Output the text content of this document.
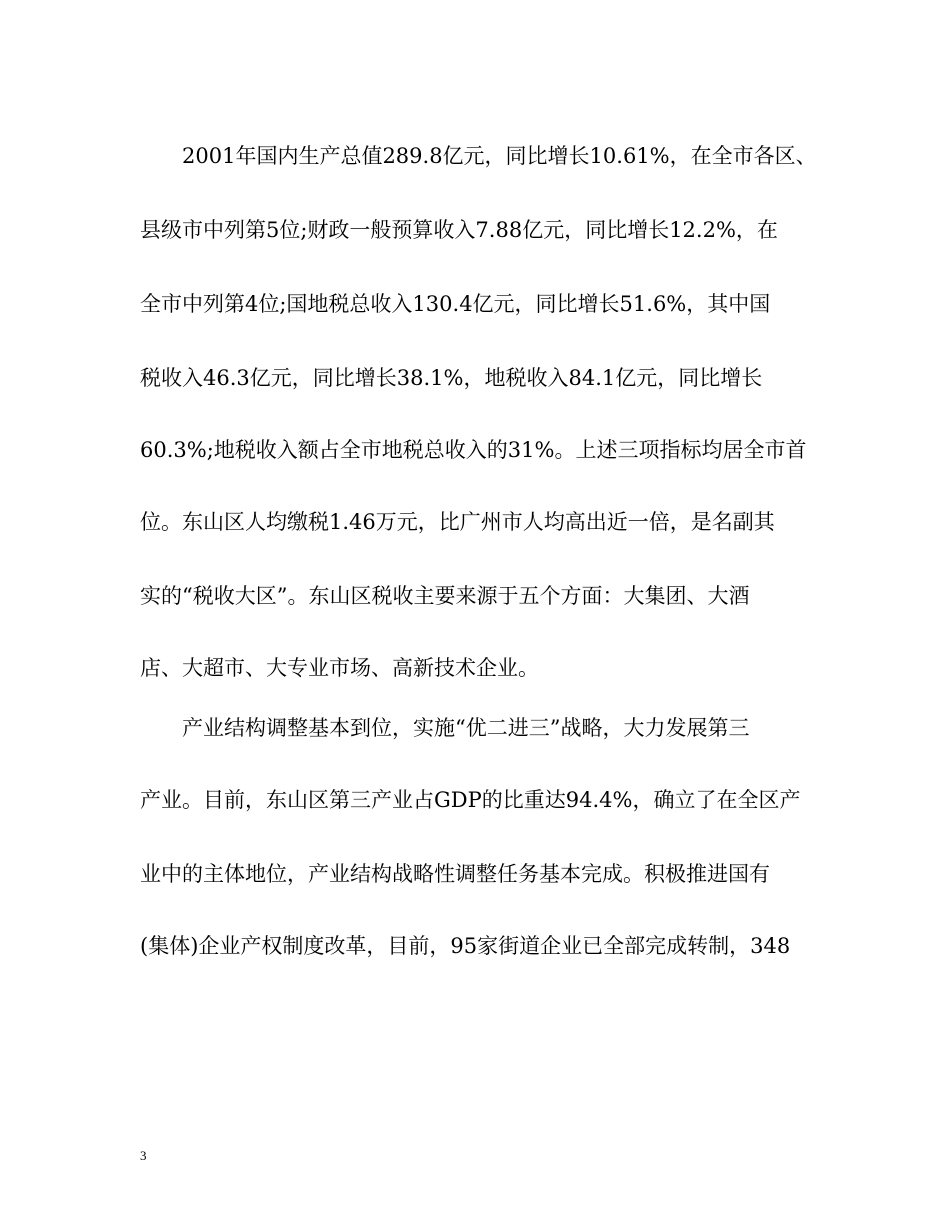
2001年国内生产总值289.8亿元，同比增长10.61%，在全市各区、
县级市中列第5位;财政一般预算收入7.88亿元，同比增长12.2%，在
全市中列第4位;国地税总收入130.4亿元，同比增长51.6%，其中国
税收入46.3亿元，同比增长38.1%，地税收入84.1亿元，同比增长
60.3%;地税收入额占全市地税总收入的31%。上述三项指标均居全市首
位。东山区人均缴税1.46万元，比广州市人均高出近一倍，是名副其
实的“税收大区”。东山区税收主要来源于五个方面：大集团、大酒
店、大超市、大专业市场、高新技术企业。
产业结构调整基本到位，实施“优二进三”战略，大力发展第三
产业。目前，东山区第三产业占GDP的比重达94.4%，确立了在全区产
业中的主体地位，产业结构战略性调整任务基本完成。积极推进国有
(集体)企业产权制度改革，目前，95家街道企业已全部完成转制，348
3
